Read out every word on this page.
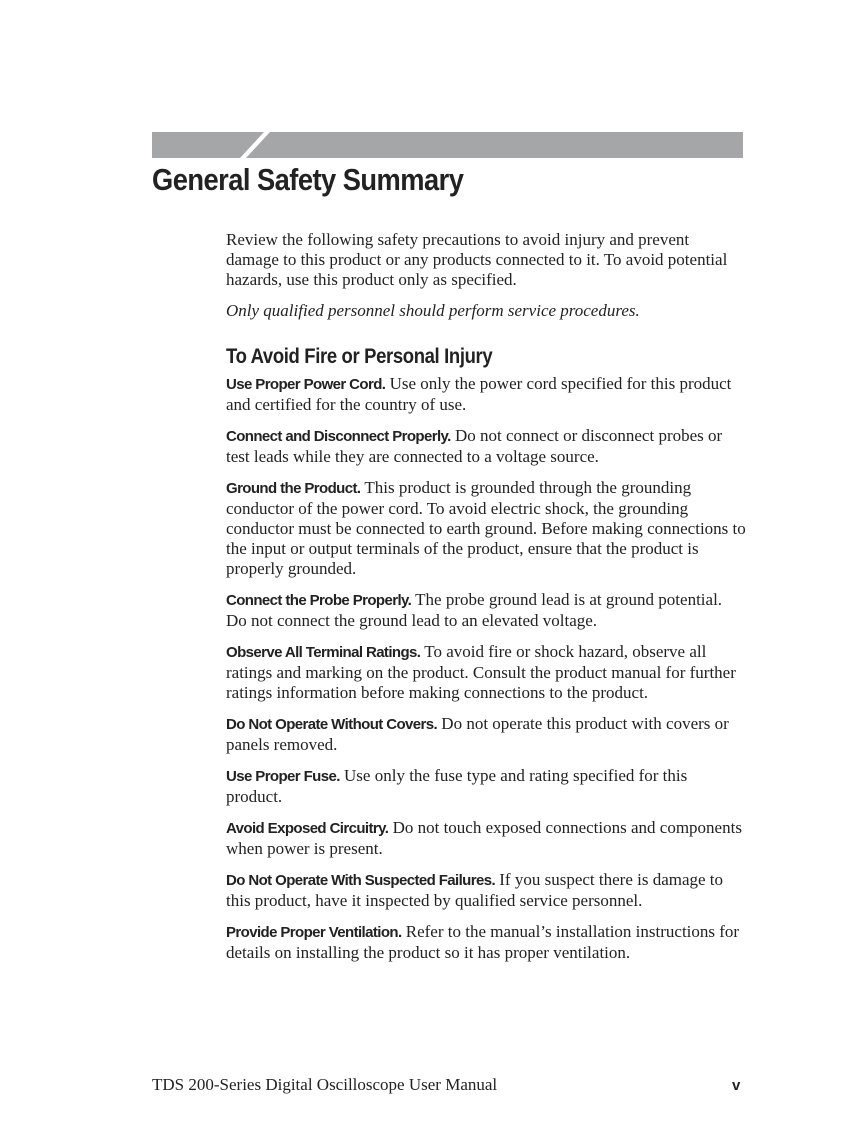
General Safety Summary

Review the following safety precautions to avoid injury and prevent damage to this product or any products connected to it. To avoid potential hazards, use this product only as specified.

Only qualified personnel should perform service procedures.

To Avoid Fire or Personal Injury

Use Proper Power Cord. Use only the power cord specified for this product and certified for the country of use.

Connect and Disconnect Properly. Do not connect or disconnect probes or test leads while they are connected to a voltage source.

Ground the Product. This product is grounded through the grounding conductor of the power cord. To avoid electric shock, the grounding conductor must be connected to earth ground. Before making connections to the input or output terminals of the product, ensure that the product is properly grounded.

Connect the Probe Properly. The probe ground lead is at ground potential. Do not connect the ground lead to an elevated voltage.

Observe All Terminal Ratings. To avoid fire or shock hazard, observe all ratings and marking on the product. Consult the product manual for further ratings information before making connections to the product.

Do Not Operate Without Covers. Do not operate this product with covers or panels removed.

Use Proper Fuse. Use only the fuse type and rating specified for this product.

Avoid Exposed Circuitry. Do not touch exposed connections and components when power is present.

Do Not Operate With Suspected Failures. If you suspect there is damage to this product, have it inspected by qualified service personnel.

Provide Proper Ventilation. Refer to the manual’s installation instructions for details on installing the product so it has proper ventilation.

TDS 200-Series Digital Oscilloscope User Manual	v
